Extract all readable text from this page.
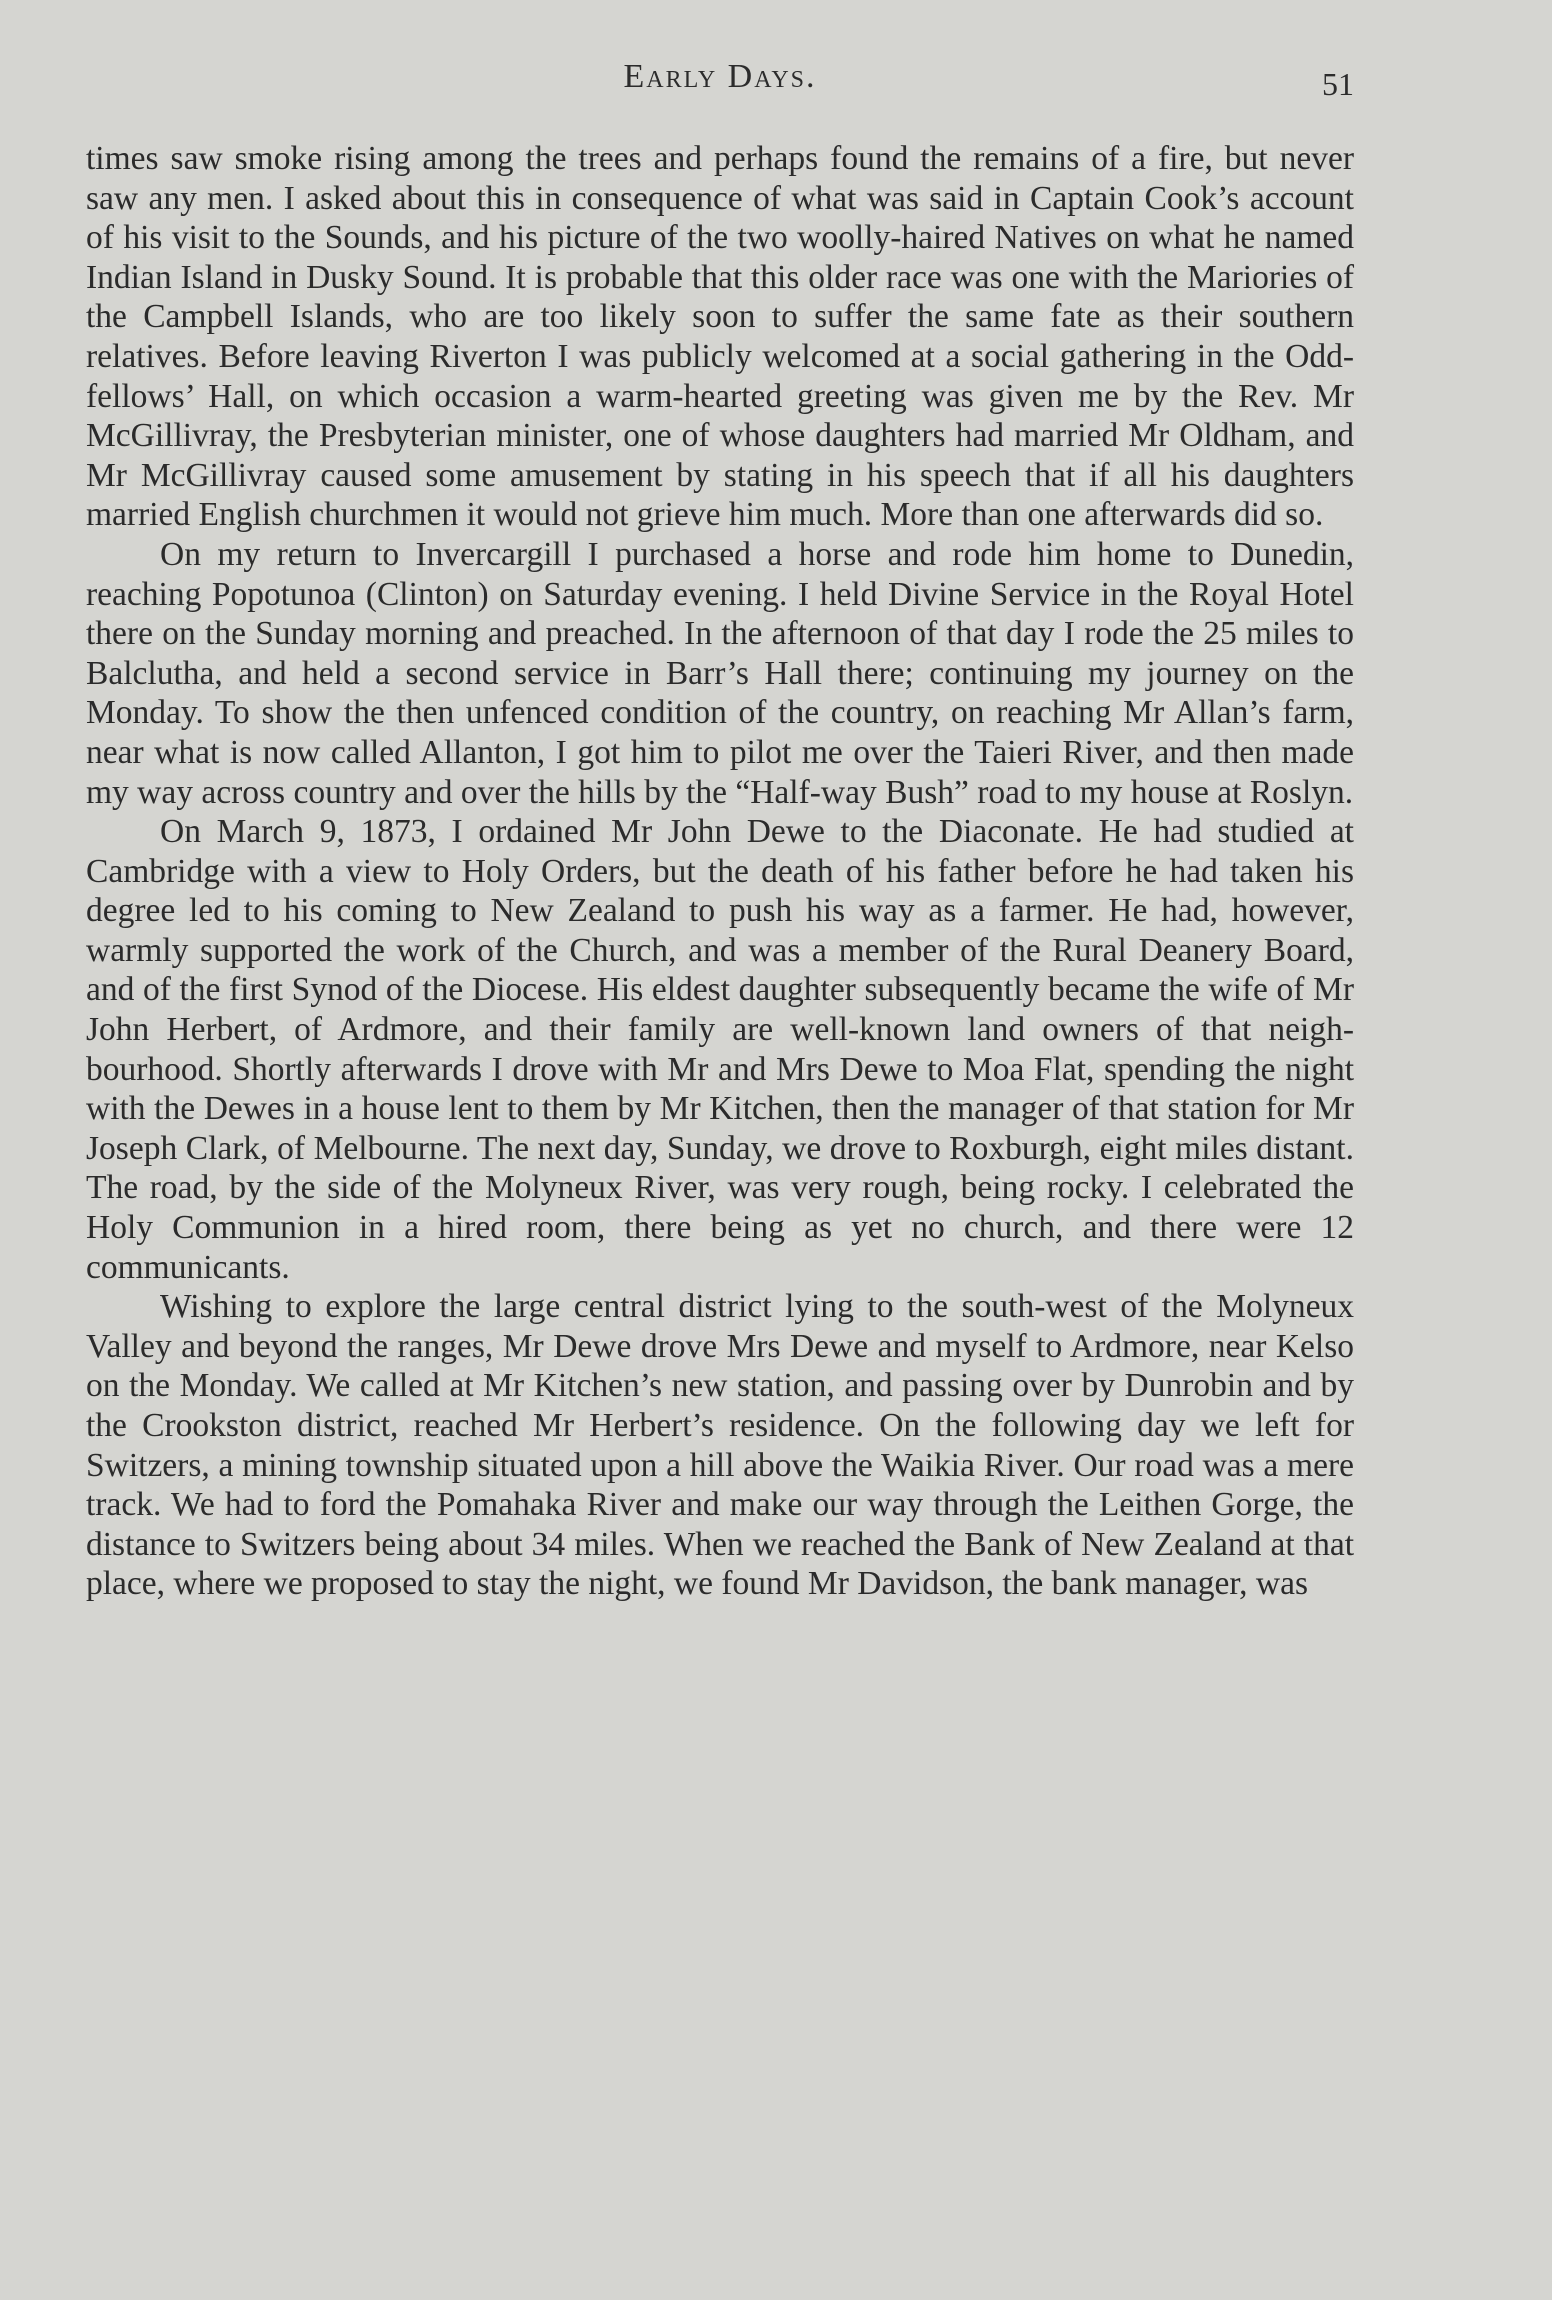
Early Days.	51

times saw smoke rising among the trees and perhaps found the remains of a fire, but never saw any men. I asked about this in consequence of what was said in Captain Cook’s account of his visit to the Sounds, and his picture of the two woolly-haired Natives on what he named Indian Island in Dusky Sound. It is probable that this older race was one with the Mariories of the Campbell Islands, who are too likely soon to suffer the same fate as their southern relatives. Before leaving Riverton I was publicly welcomed at a social gathering in the Odd-fellows’ Hall, on which occasion a warm-hearted greeting was given me by the Rev. Mr McGillivray, the Presbyterian minister, one of whose daughters had married Mr Oldham, and Mr McGillivray caused some amusement by stating in his speech that if all his daughters married English churchmen it would not grieve him much. More than one afterwards did so.

On my return to Invercargill I purchased a horse and rode him home to Dunedin, reaching Popotunoa (Clinton) on Saturday evening. I held Divine Service in the Royal Hotel there on the Sunday morning and preached. In the afternoon of that day I rode the 25 miles to Balclutha, and held a second service in Barr’s Hall there; continuing my journey on the Monday. To show the then unfenced condition of the country, on reaching Mr Allan’s farm, near what is now called Allanton, I got him to pilot me over the Taieri River, and then made my way across country and over the hills by the “Half-way Bush” road to my house at Roslyn.

On March 9, 1873, I ordained Mr John Dewe to the Diaconate. He had studied at Cambridge with a view to Holy Orders, but the death of his father before he had taken his degree led to his coming to New Zealand to push his way as a farmer. He had, however, warmly supported the work of the Church, and was a member of the Rural Deanery Board, and of the first Synod of the Diocese. His eldest daughter subsequently became the wife of Mr John Herbert, of Ardmore, and their family are well-known land owners of that neigh-bourhood. Shortly afterwards I drove with Mr and Mrs Dewe to Moa Flat, spending the night with the Dewes in a house lent to them by Mr Kitchen, then the manager of that station for Mr Joseph Clark, of Melbourne. The next day, Sunday, we drove to Roxburgh, eight miles distant. The road, by the side of the Molyneux River, was very rough, being rocky. I celebrated the Holy Communion in a hired room, there being as yet no church, and there were 12 communicants.

Wishing to explore the large central district lying to the south-west of the Molyneux Valley and beyond the ranges, Mr Dewe drove Mrs Dewe and myself to Ardmore, near Kelso on the Monday. We called at Mr Kitchen’s new station, and passing over by Dunrobin and by the Crookston district, reached Mr Herbert’s residence. On the following day we left for Switzers, a mining township situated upon a hill above the Waikia River. Our road was a mere track. We had to ford the Pomahaka River and make our way through the Leithen Gorge, the distance to Switzers being about 34 miles. When we reached the Bank of New Zealand at that place, where we proposed to stay the night, we found Mr Davidson, the bank manager, was
